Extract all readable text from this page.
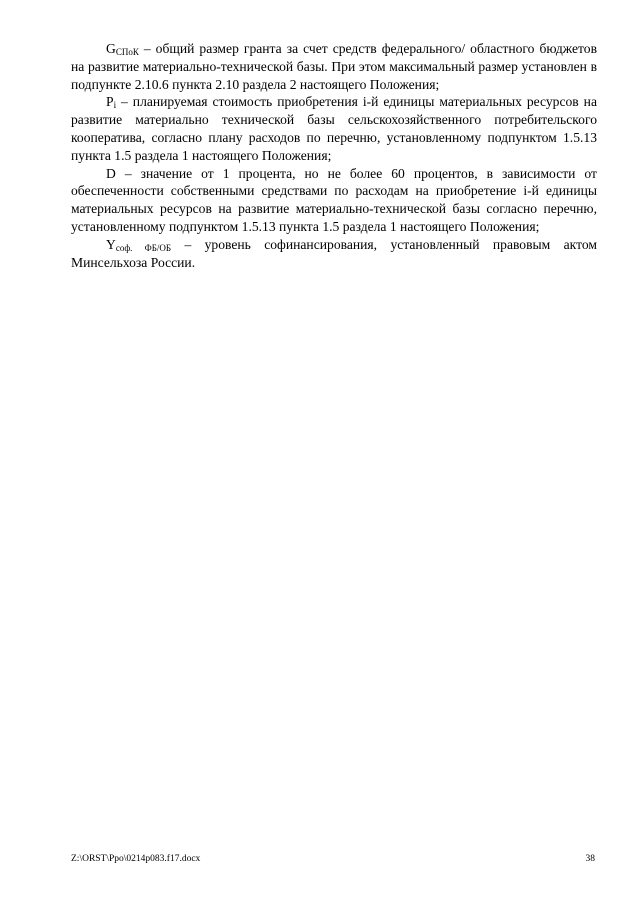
$G_{СПоК}$ – общий размер гранта за счет средств федерального/ областного бюджетов на развитие материально-технической базы. При этом максимальный размер установлен в подпункте 2.10.6 пункта 2.10 раздела 2 настоящего Положения;

$P_i$ – планируемая стоимость приобретения i-й единицы материальных ресурсов на развитие материально технической базы сельскохозяйственного потребительского кооператива, согласно плану расходов по перечню, установленному подпунктом 1.5.13 пункта 1.5 раздела 1 настоящего Положения;

D – значение от 1 процента, но не более 60 процентов, в зависимости от обеспеченности собственными средствами по расходам на приобретение i-й единицы материальных ресурсов на развитие материально-технической базы согласно перечню, установленному подпунктом 1.5.13 пункта 1.5 раздела 1 настоящего Положения;

$Y_{соф. ФБ/ОБ}$ – уровень софинансирования, установленный правовым актом Минсельхоза России.

Z:\ORST\Ppo\0214p083.f17.docx	38
